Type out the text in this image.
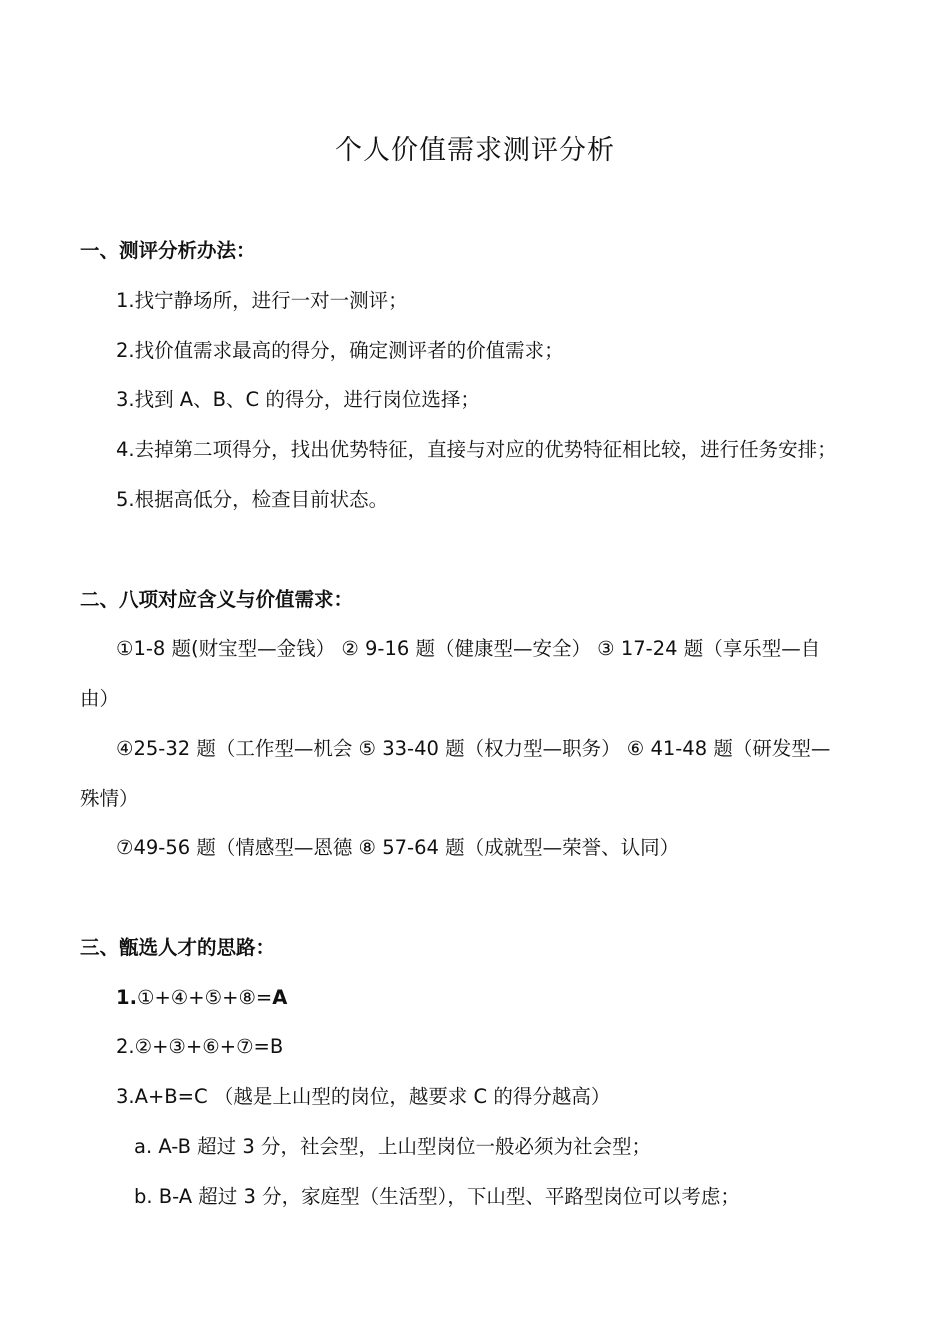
个人价值需求测评分析
一、测评分析办法：
1.找宁静场所，进行一对一测评；
2.找价值需求最高的得分，确定测评者的价值需求；
3.找到 A、B、C 的得分，进行岗位选择；
4.去掉第二项得分，找出优势特征，直接与对应的优势特征相比较，进行任务安排；
5.根据高低分，检查目前状态。
二、八项对应含义与价值需求：
①1-8 题(财宝型—金钱） ② 9-16 题（健康型—安全） ③ 17-24 题（享乐型—自
由）
④25-32 题（工作型—机会 ⑤ 33-40 题（权力型—职务） ⑥ 41-48 题（研发型—
殊情）
⑦49-56 题（情感型—恩德 ⑧ 57-64 题（成就型—荣誉、认同）
三、甑选人才的思路：
1.①+④+⑤+⑧=A
2.②+③+⑥+⑦=B
3.A+B=C （越是上山型的岗位，越要求 C 的得分越高）
a. A-B 超过 3 分，社会型，上山型岗位一般必须为社会型；
b. B-A 超过 3 分，家庭型（生活型），下山型、平路型岗位可以考虑；
